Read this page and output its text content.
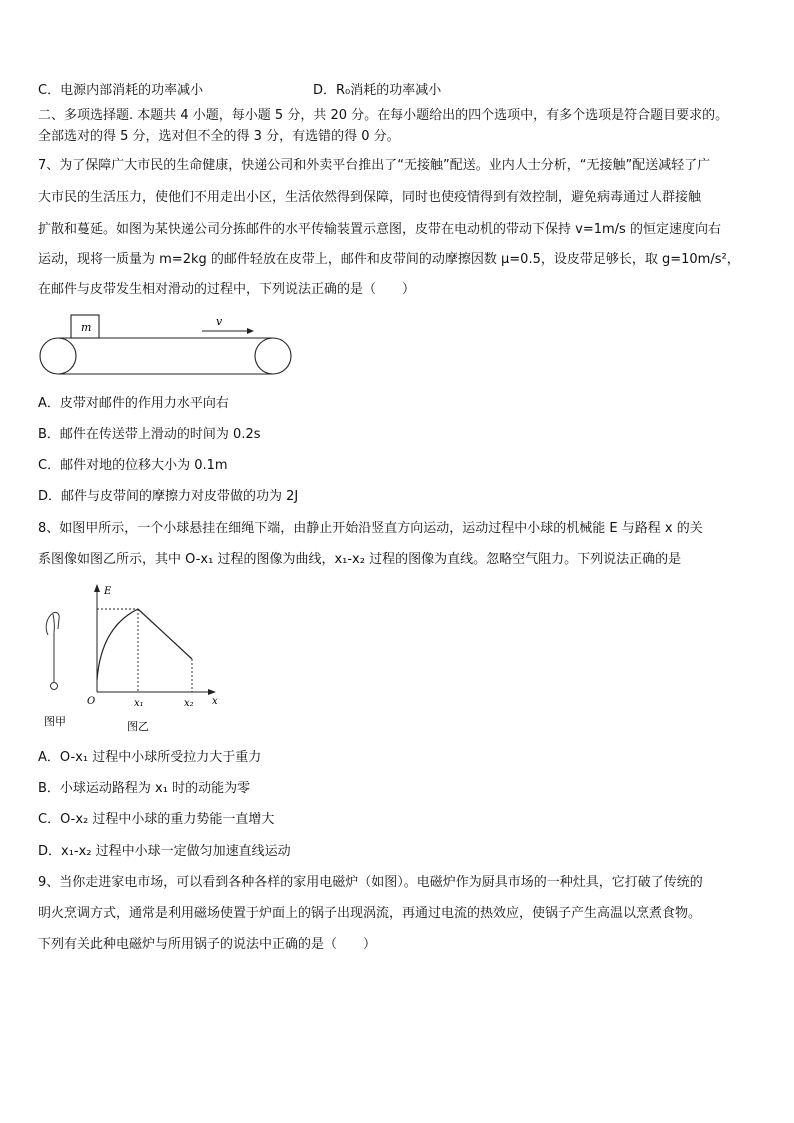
C．电源内部消耗的功率减小	D．R₀消耗的功率减小
二、多项选择题. 本题共 4 小题，每小题 5 分，共 20 分。在每小题给出的四个选项中，有多个选项是符合题目要求的。
全部选对的得 5 分，选对但不全的得 3 分，有选错的得 0 分。
7、为了保障广大市民的生命健康，快递公司和外卖平台推出了“无接触”配送。业内人士分析，“无接触”配送减轻了广
大市民的生活压力，使他们不用走出小区，生活依然得到保障，同时也使疫情得到有效控制，避免病毒通过人群接触
扩散和蔓延。如图为某快递公司分拣邮件的水平传输装置示意图，皮带在电动机的带动下保持 v=1m/s 的恒定速度向右
运动，现将一质量为 m=2kg 的邮件轻放在皮带上，邮件和皮带间的动摩擦因数 μ=0.5，设皮带足够长，取 g=10m/s²，
在邮件与皮带发生相对滑动的过程中，下列说法正确的是（　　）
m	v
A．皮带对邮件的作用力水平向右
B．邮件在传送带上滑动的时间为 0.2s
C．邮件对地的位移大小为 0.1m
D．邮件与皮带间的摩擦力对皮带做的功为 2J
8、如图甲所示，一个小球悬挂在细绳下端，由静止开始沿竖直方向运动，运动过程中小球的机械能 E 与路程 x 的关
系图像如图乙所示，其中 O-x₁ 过程的图像为曲线，x₁-x₂ 过程的图像为直线。忽略空气阻力。下列说法正确的是
图甲
E
x
O	x₁	x₂
图乙
A．O-x₁ 过程中小球所受拉力大于重力
B．小球运动路程为 x₁ 时的动能为零
C．O-x₂ 过程中小球的重力势能一直增大
D．x₁-x₂ 过程中小球一定做匀加速直线运动
9、当你走进家电市场，可以看到各种各样的家用电磁炉（如图）。电磁炉作为厨具市场的一种灶具，它打破了传统的
明火烹调方式，通常是利用磁场使置于炉面上的锅子出现涡流，再通过电流的热效应，使锅子产生高温以烹煮食物。
下列有关此种电磁炉与所用锅子的说法中正确的是（　　）
